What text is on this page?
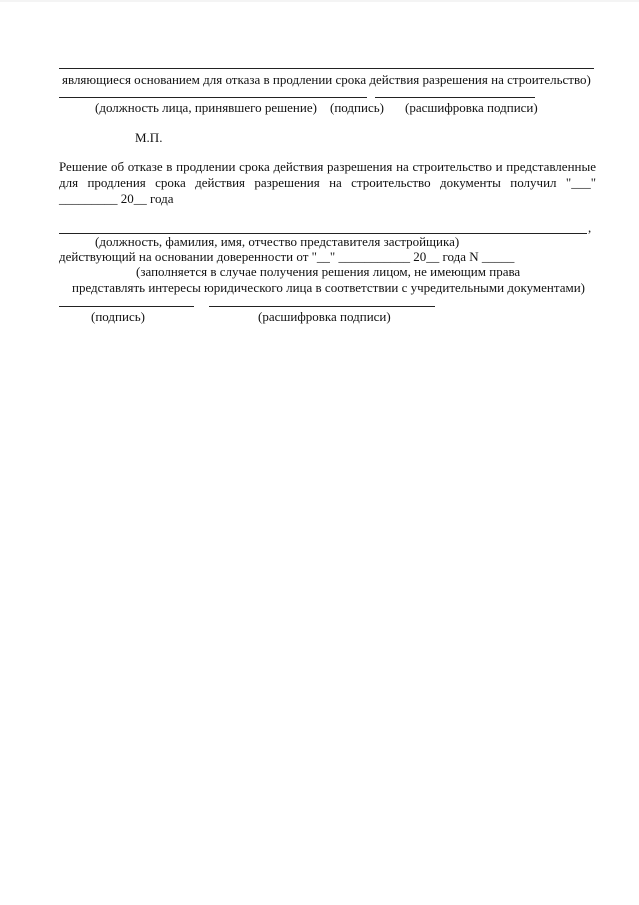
являющиеся основанием для отказа в продлении срока действия разрешения на строительство)
(должность лица, принявшего решение) (подпись) (расшифровка подписи)
М.П.
Решение об отказе в продлении срока действия разрешения на строительство и представленные
для продления срока действия разрешения на строительство документы получил "___"
_________ 20__ года
,
(должность, фамилия, имя, отчество представителя застройщика)
действующий на основании доверенности от "__" ___________ 20__ года N _____
(заполняется в случае получения решения лицом, не имеющим права
представлять интересы юридического лица в соответствии с учредительными документами)
(подпись)	(расшифровка подписи)
